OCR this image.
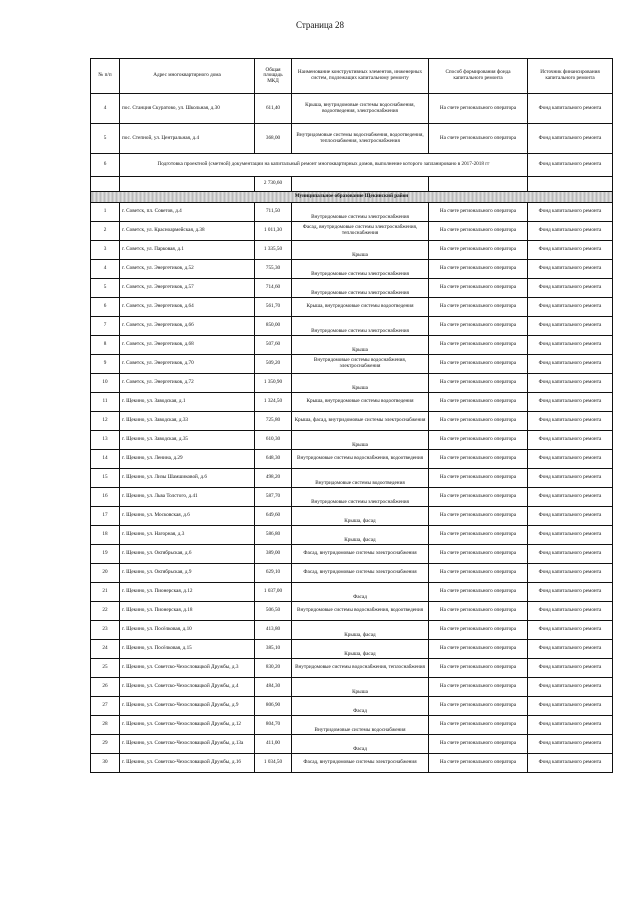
Страница 28
№ п/п	Адрес многоквартирного дома	Общая площадь МКД	Наименование конструктивных элементов, инженерных систем, подлежащих капитальному ремонту	Способ формирования фонда капитального ремонта	Источник финансирования капитального ремонта
4	пос. Станция Скуратово, ул. Школьная, д.30	611,40	Крыша, внутридомовые системы водоснабжения, водоотведения, электроснабжения	На счете регионального оператора	Фонд капитального ремонта
5	пос. Степной, ул. Центральная, д.4	368,00	Внутридомовые системы водоснабжения, водоотведения, теплоснабжения, электроснабжения	На счете регионального оператора	Фонд капитального ремонта
6	Подготовка проектной (сметной) документации на капитальный ремонт многоквартирных домов, выполнение которого запланировано в 2017-2018 гг				Фонд капитального ремонта
		2 730,60			
Муниципальное образование Щекинский район					
1	г. Советск, пл. Советов, д.4	711,50	Внутридомовые системы электроснабжения	На счете регионального оператора	Фонд капитального ремонта
2	г. Советск, ул. Красноармейская, д.38	1 011,30	Фасад, внутридомовые системы электроснабжения, теплоснабжения	На счете регионального оператора	Фонд капитального ремонта
3	г. Советск, ул. Парковая, д.1	1 335,50	Крыша	На счете регионального оператора	Фонд капитального ремонта
4	г. Советск, ул. Энергетиков, д.52	755,30	Внутридомовые системы электроснабжения	На счете регионального оператора	Фонд капитального ремонта
5	г. Советск, ул. Энергетиков, д.57	714,60	Внутридомовые системы электроснабжения	На счете регионального оператора	Фонд капитального ремонта
6	г. Советск, ул. Энергетиков, д.64	561,70	Крыша, внутридомовые системы водоотведения	На счете регионального оператора	Фонд капитального ремонта
7	г. Советск, ул. Энергетиков, д.66	850,00	Внутридомовые системы электроснабжения	На счете регионального оператора	Фонд капитального ремонта
8	г. Советск, ул. Энергетиков, д.68	507,60	Крыша	На счете регионального оператора	Фонд капитального ремонта
9	г. Советск, ул. Энергетиков, д.70	509,20	Внутридомовые системы водоснабжения, электроснабжения	На счете регионального оператора	Фонд капитального ремонта
10	г. Советск, ул. Энергетиков, д.72	1 350,90	Крыша	На счете регионального оператора	Фонд капитального ремонта
11	г. Щекино, ул. Заводская, д.1	1 324,50	Крыша, внутридомовые системы водоотведения	На счете регионального оператора	Фонд капитального ремонта
12	г. Щекино, ул. Заводская, д.33	725,80	Крыша, фасад, внутридомовые системы электроснабжения	На счете регионального оператора	Фонд капитального ремонта
13	г. Щекино, ул. Заводская, д.35	610,30	Крыша	На счете регионального оператора	Фонд капитального ремонта
14	г. Щекино, ул. Ленина, д.29	648,30	Внутридомовые системы водоснабжения, водоотведения	На счете регионального оператора	Фонд капитального ремонта
15	г. Щекино, ул. Лизы Шамшиковой, д.6	498,20	Внутридомовые системы водоотведения	На счете регионального оператора	Фонд капитального ремонта
16	г. Щекино, ул. Льва Толстого, д.41	587,70	Внутридомовые системы электроснабжения	На счете регионального оператора	Фонд капитального ремонта
17	г. Щекино, ул. Московская, д.6	649,60	Крыша, фасад	На счете регионального оператора	Фонд капитального ремонта
18	г. Щекино, ул. Нагорная, д.3	586,80	Крыша, фасад	На счете регионального оператора	Фонд капитального ремонта
19	г. Щекино, ул. Октябрьская, д.6	389,00	Фасад, внутридомовые системы электроснабжения	На счете регионального оператора	Фонд капитального ремонта
20	г. Щекино, ул. Октябрьская, д.9	629,10	Фасад, внутридомовые системы электроснабжения	На счете регионального оператора	Фонд капитального ремонта
21	г. Щекино, ул. Пионерская, д.12	1 037,00	Фасад	На счете регионального оператора	Фонд капитального ремонта
22	г. Щекино, ул. Пионерская, д.18	506,50	Внутридомовые системы водоснабжения, водоотведения	На счете регионального оператора	Фонд капитального ремонта
23	г. Щекино, ул. Посёлковая, д.10	413,80	Крыша, фасад	На счете регионального оператора	Фонд капитального ремонта
24	г. Щекино, ул. Посёлковая, д.15	385,10	Крыша, фасад	На счете регионального оператора	Фонд капитального ремонта
25	г. Щекино, ул. Советско-Чехословацкой Дружбы, д.3	830,20	Внутридомовые системы водоснабжения, теплоснабжения	На счете регионального оператора	Фонд капитального ремонта
26	г. Щекино, ул. Советско-Чехословацкой Дружбы, д.4	484,30	Крыша	На счете регионального оператора	Фонд капитального ремонта
27	г. Щекино, ул. Советско-Чехословацкой Дружбы, д.9	806,90	Фасад	На счете регионального оператора	Фонд капитального ремонта
28	г. Щекино, ул. Советско-Чехословацкой Дружбы, д.12	804,70	Внутридомовые системы водоснабжения	На счете регионального оператора	Фонд капитального ремонта
29	г. Щекино, ул. Советско-Чехословацкой Дружбы, д.13а	411,00	Фасад	На счете регионального оператора	Фонд капитального ремонта
30	г. Щекино, ул. Советско-Чехословацкой Дружбы, д.16	1 034,50	Фасад, внутридомовые системы электроснабжения	На счете регионального оператора	Фонд капитального ремонта
